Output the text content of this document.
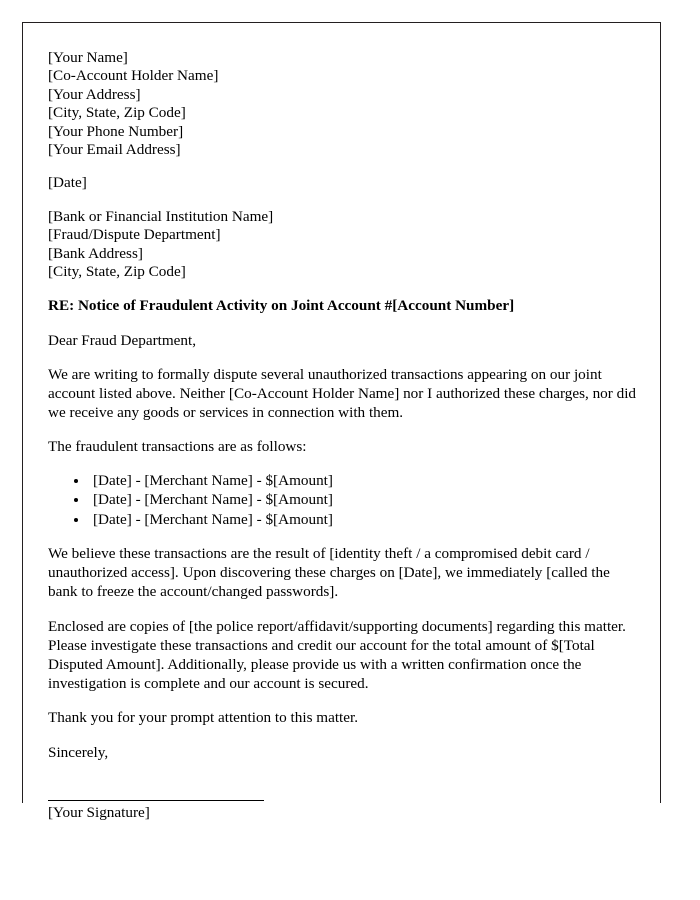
[Your Name]
[Co-Account Holder Name]
[Your Address]
[City, State, Zip Code]
[Your Phone Number]
[Your Email Address]
[Date]
[Bank or Financial Institution Name]
[Fraud/Dispute Department]
[Bank Address]
[City, State, Zip Code]

RE: Notice of Fraudulent Activity on Joint Account #[Account Number]

Dear Fraud Department,

We are writing to formally dispute several unauthorized transactions appearing on our joint account listed above. Neither [Co-Account Holder Name] nor I authorized these charges, nor did we receive any goods or services in connection with them.

The fraudulent transactions are as follows:

• [Date] - [Merchant Name] - $[Amount]
• [Date] - [Merchant Name] - $[Amount]
• [Date] - [Merchant Name] - $[Amount]

We believe these transactions are the result of [identity theft / a compromised debit card / unauthorized access]. Upon discovering these charges on [Date], we immediately [called the bank to freeze the account/changed passwords].

Enclosed are copies of [the police report/affidavit/supporting documents] regarding this matter. Please investigate these transactions and credit our account for the total amount of $[Total Disputed Amount]. Additionally, please provide us with a written confirmation once the investigation is complete and our account is secured.

Thank you for your prompt attention to this matter.

Sincerely,

[Your Signature]
